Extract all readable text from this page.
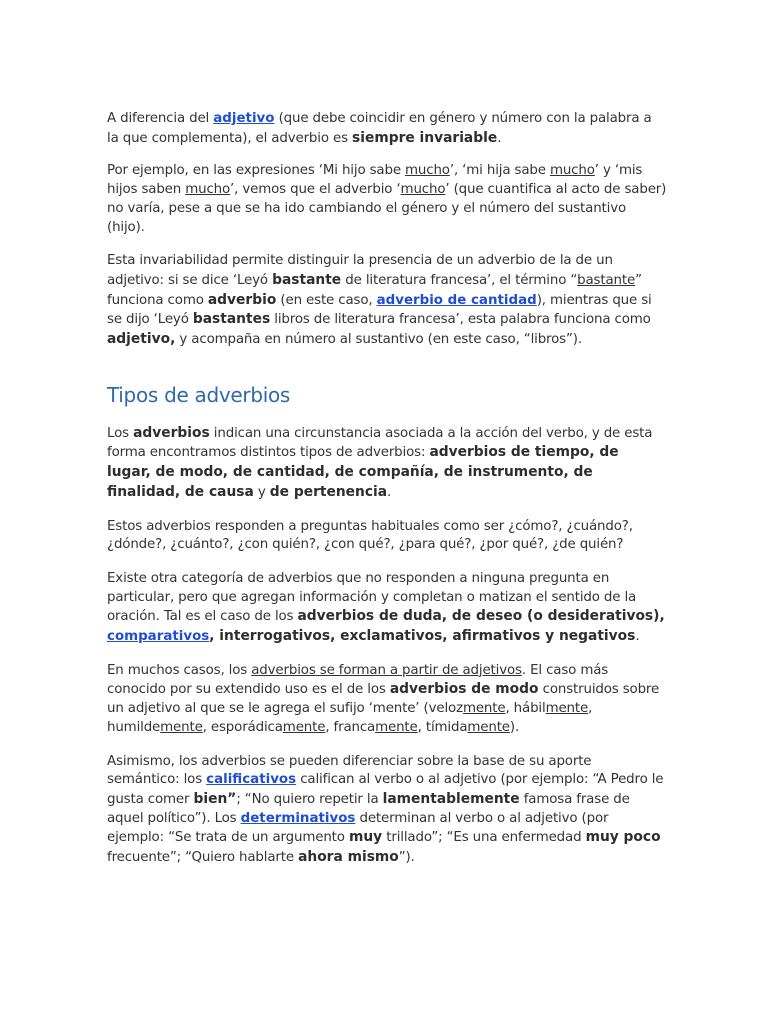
A diferencia del adjetivo (que debe coincidir en género y número con la palabra a la que complementa), el adverbio es siempre invariable.

Por ejemplo, en las expresiones ‘Mi hijo sabe mucho’, ‘mi hija sabe mucho’ y ‘mis hijos saben mucho’, vemos que el adverbio ‘mucho’ (que cuantifica al acto de saber) no varía, pese a que se ha ido cambiando el género y el número del sustantivo (hijo).

Esta invariabilidad permite distinguir la presencia de un adverbio de la de un adjetivo: si se dice ‘Leyó bastante de literatura francesa’, el término “bastante” funciona como adverbio (en este caso, adverbio de cantidad), mientras que si se dijo ‘Leyó bastantes libros de literatura francesa’, esta palabra funciona como adjetivo, y acompaña en número al sustantivo (en este caso, “libros”).

Tipos de adverbios

Los adverbios indican una circunstancia asociada a la acción del verbo, y de esta forma encontramos distintos tipos de adverbios: adverbios de tiempo, de lugar, de modo, de cantidad, de compañía, de instrumento, de finalidad, de causa y de pertenencia.

Estos adverbios responden a preguntas habituales como ser ¿cómo?, ¿cuándo?, ¿dónde?, ¿cuánto?, ¿con quién?, ¿con qué?, ¿para qué?, ¿por qué?, ¿de quién?

Existe otra categoría de adverbios que no responden a ninguna pregunta en particular, pero que agregan información y completan o matizan el sentido de la oración. Tal es el caso de los adverbios de duda, de deseo (o desiderativos), comparativos, interrogativos, exclamativos, afirmativos y negativos.

En muchos casos, los adverbios se forman a partir de adjetivos. El caso más conocido por su extendido uso es el de los adverbios de modo construidos sobre un adjetivo al que se le agrega el sufijo ‘mente’ (velozmente, hábilmente, humildemente, esporádicamente, francamente, tímidamente).

Asimismo, los adverbios se pueden diferenciar sobre la base de su aporte semántico: los calificativos califican al verbo o al adjetivo (por ejemplo: “A Pedro le gusta comer bien”; “No quiero repetir la lamentablemente famosa frase de aquel político”). Los determinativos determinan al verbo o al adjetivo (por ejemplo: “Se trata de un argumento muy trillado”; “Es una enfermedad muy poco frecuente”; “Quiero hablarte ahora mismo”).
